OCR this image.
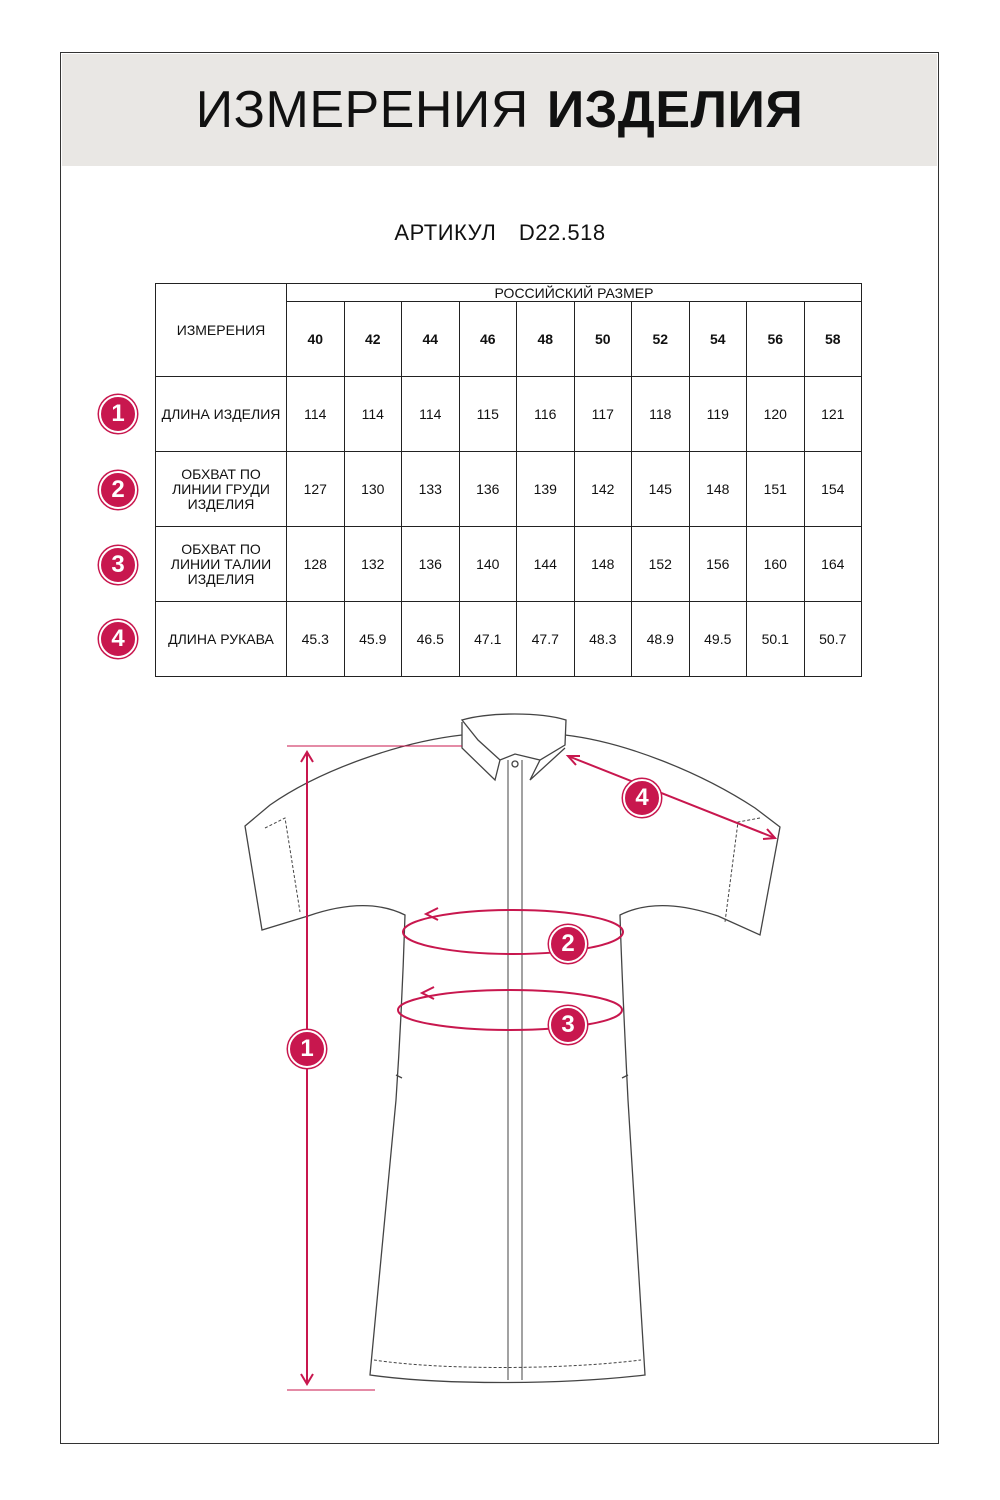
ИЗМЕРЕНИЯ ИЗДЕЛИЯ
АРТИКУЛ D22.518
ИЗМЕРЕНИЯ	РОССИЙСКИЙ РАЗМЕР									
	40	42	44	46	48	50	52	54	56	58
ДЛИНА ИЗДЕЛИЯ	114	114	114	115	116	117	118	119	120	121
ОБХВАТ ПО ЛИНИИ ГРУДИ ИЗДЕЛИЯ	127	130	133	136	139	142	145	148	151	154
ОБХВАТ ПО ЛИНИИ ТАЛИИ ИЗДЕЛИЯ	128	132	136	140	144	148	152	156	160	164
ДЛИНА РУКАВА	45.3	45.9	46.5	47.1	47.7	48.3	48.9	49.5	50.1	50.7
1
2
3
4
4
2
3
1
